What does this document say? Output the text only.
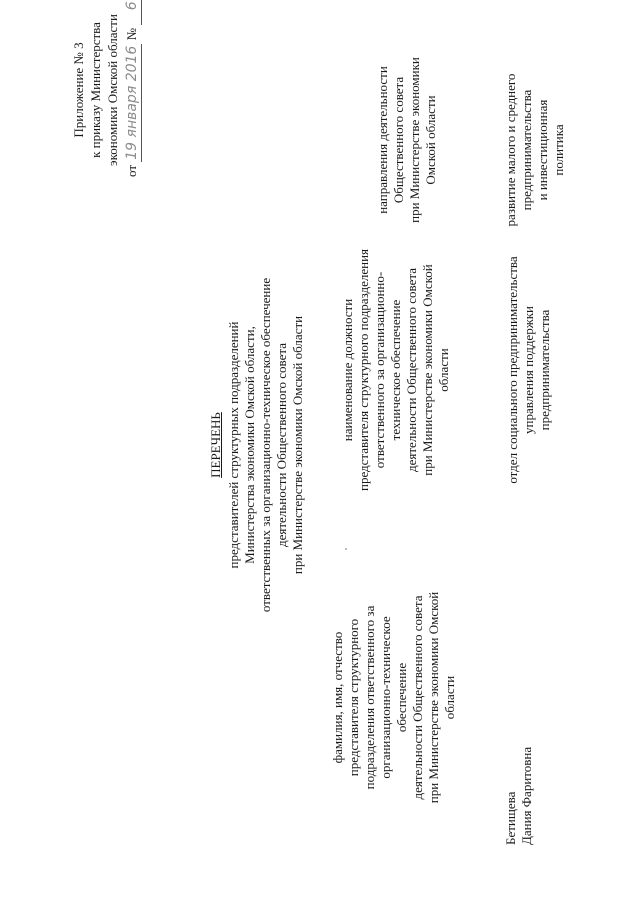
Приложение № 3 к приказу Министерства экономики Омской области
от 19 января 2016 № 6
ПЕРЕЧЕНЬ представителей структурных подразделений Министерства экономики Омской области, ответственных за организационно-техническое обеспечение деятельности Общественного совета при Министерстве экономики Омской области
фамилия, имя, отчество представителя структурного подразделения ответственного за организационно-техническое обеспечение деятельности Общественного совета при Министерстве экономики Омской области
наименование должности представителя структурного подразделения ответственного за организационно- техническое обеспечение деятельности Общественного совета при Министерстве экономики Омской области
направления деятельности Общественного совета при Министерстве экономики Омской области
Бетищева Дания Фаритовна
отдел социального предпринимательства управления поддержки предпринимательства
развитие малого и среднего предпринимательства и инвестиционная политика
